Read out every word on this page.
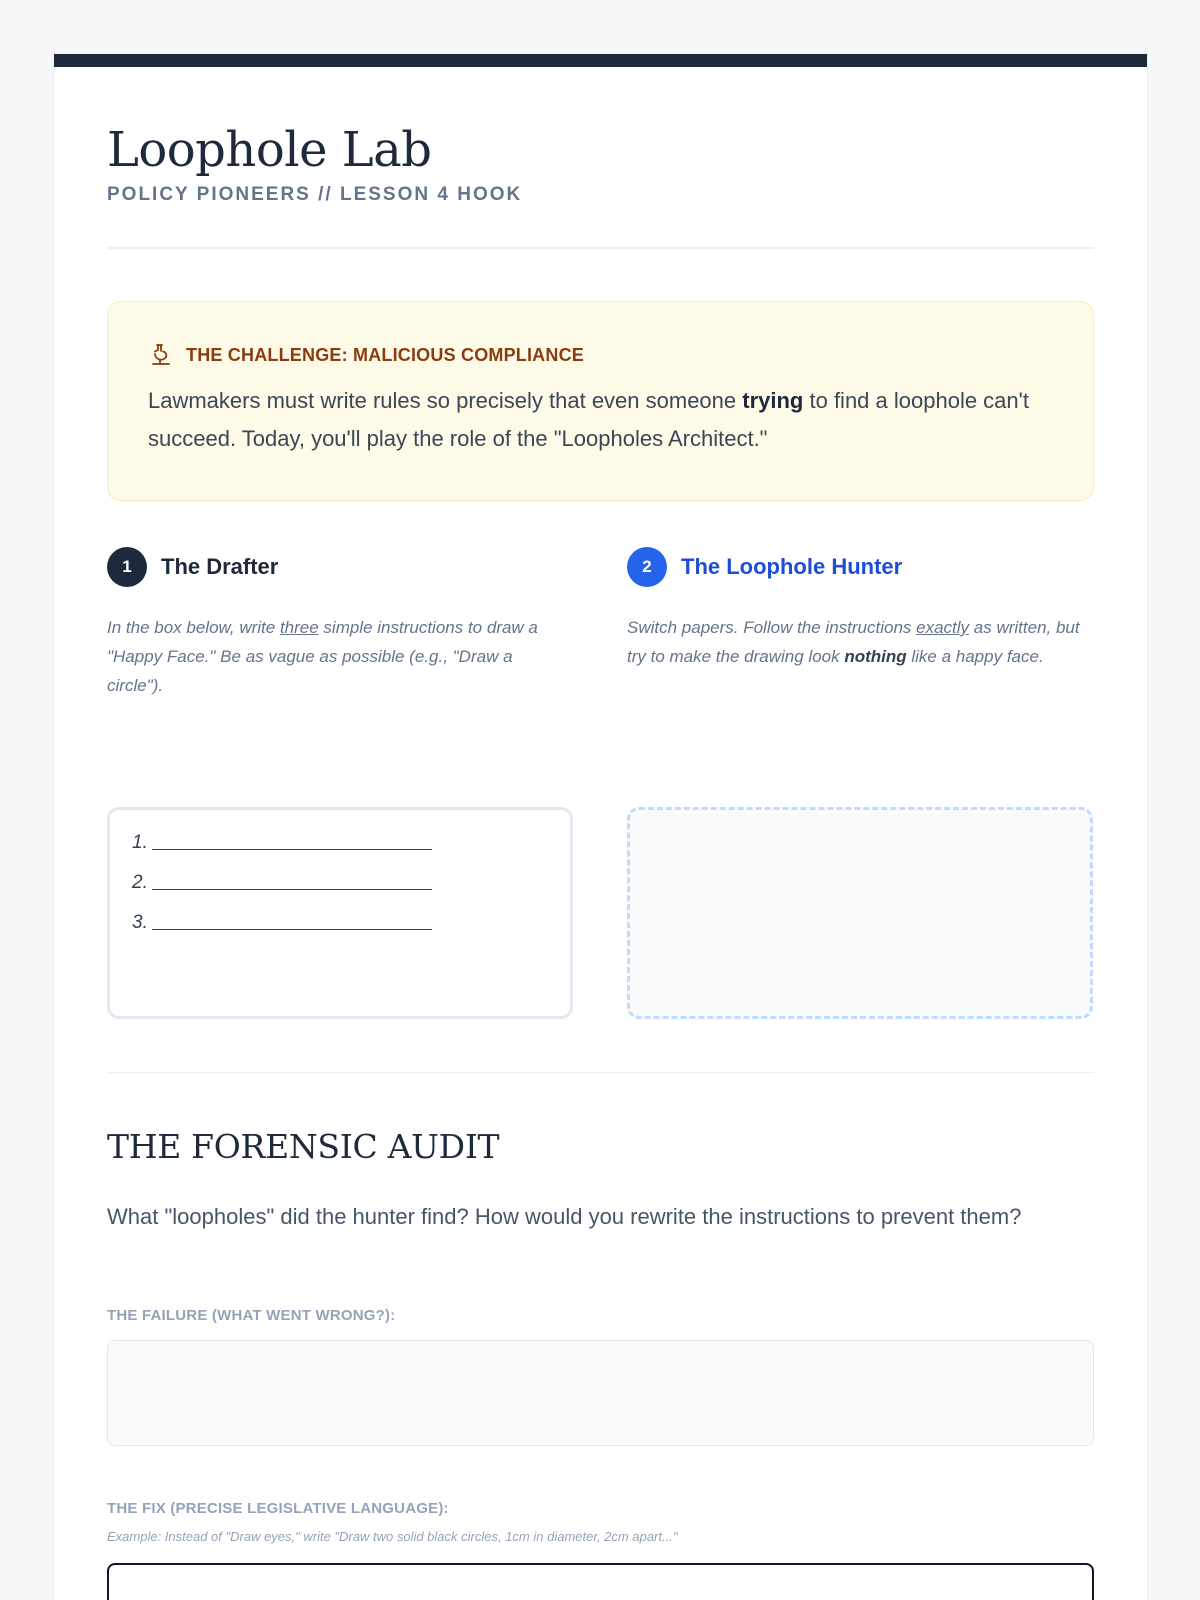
Loophole Lab
POLICY PIONEERS // LESSON 4 HOOK
THE CHALLENGE: MALICIOUS COMPLIANCE

Lawmakers must write rules so precisely that even someone trying to find a loophole can't succeed. Today, you'll play the role of the "Loopholes Architect."

1	The Drafter

In the box below, write three simple instructions to draw a "Happy Face." Be as vague as possible (e.g., "Draw a circle").

1.
2.
3.
2	The Loophole Hunter

Switch papers. Follow the instructions exactly as written, but try to make the drawing look nothing like a happy face.

THE FORENSIC AUDIT

What "loopholes" did the hunter find? How would you rewrite the instructions to prevent them?

THE FAILURE (WHAT WENT WRONG?):
THE FIX (PRECISE LEGISLATIVE LANGUAGE):
Example: Instead of "Draw eyes," write "Draw two solid black circles, 1cm in diameter, 2cm apart..."
